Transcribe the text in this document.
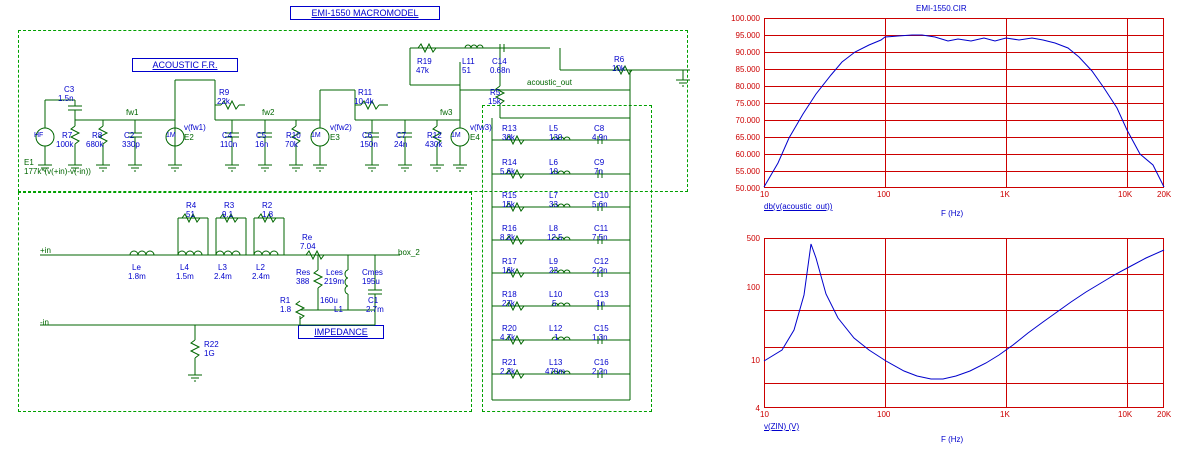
EMI-1550 MACROMODEL
ACOUSTIC F.R.
IMPEDANCE
HF
E1
177k*(v(+in)-v(-in))
C3
1.5n
R7
100k
R8
680k
C2
330p
fw1
v(fw1)
E2
1M
R9
22k
C4
110n
C5
16n
R10
70k
fw2
v(fw2)
E3
1M
R11
10.4k
C6
150n
C7
24n
R12
430k
fw3
v(fw3)
E4
1M
R19
47k
L11
51
C14
0.68n
R5
15k
R6
10k
acoustic_out
R13
30k
L5
130
C8
4.9n
R14
5.6k
L6
10
C9
7n
R15
15k
L7
33
C10
5.6n
R16
8.2k
L8
12.5
C11
7.5n
R17
16k
L9
22
C12
2.2n
R18
27k
L10
5
C13
1n
R20
4.7k
L12
1
C15
1.3n
R21
2.2k
L13
470m
C16
2.2n
+in
-in
box_2
R4
51
R3
9.1
R2
1.8
Le
1.8m
L4
1.5m
L3
2.4m
L2
2.4m
Re
7.04
Res
388
Lces
219m
Cmes
195u
R1
1.8	L1
160u	C1
2.7m
R22
1G
EMI-1550.CIR
100.000
95.000
90.000
85.000
80.000
75.000
70.000
65.000
60.000
55.000
50.000
10	100	1K	10K	20K
db(v(acoustic_out))
F (Hz)
500
100
10
4
10	100	1K	10K	20K
v(ZIN) (V)
F (Hz)
